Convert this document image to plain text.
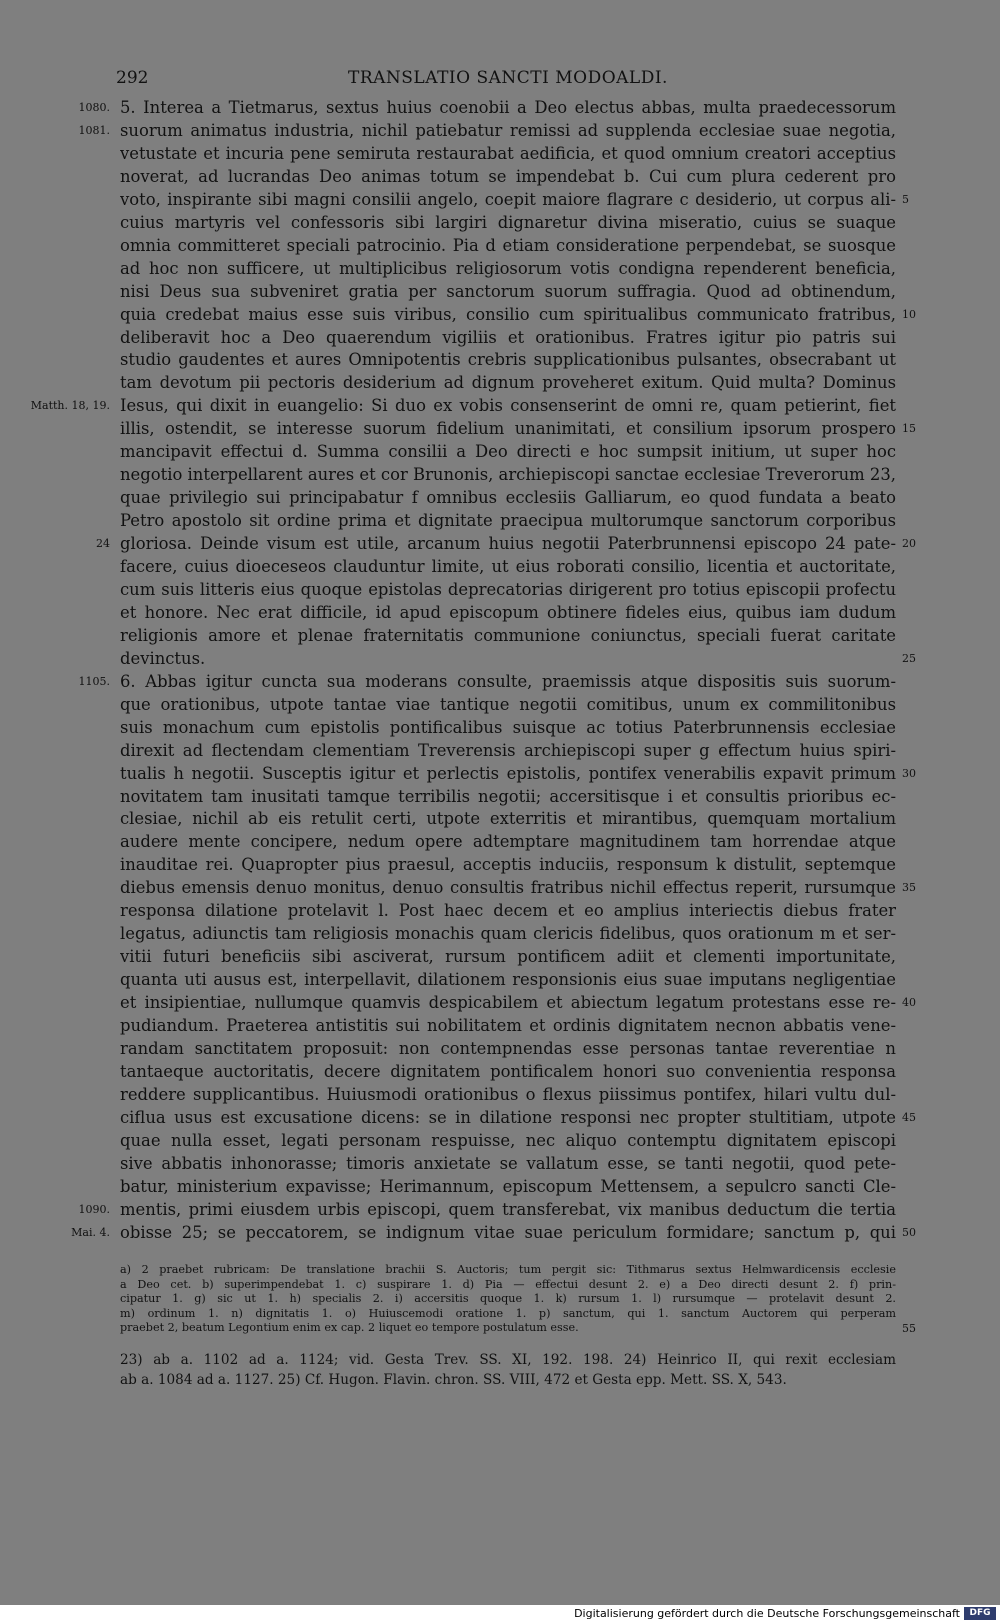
292	TRANSLATIO SANCTI MODOALDI.
5. Interea a Tietmarus, sextus huius coenobii a Deo electus abbas, multa praedecessorum
suorum animatus industria, nichil patiebatur remissi ad supplenda ecclesiae suae negotia,
vetustate et incuria pene semiruta restaurabat aedificia, et quod omnium creatori acceptius
noverat, ad lucrandas Deo animas totum se impendebat b. Cui cum plura cederent pro
voto, inspirante sibi magni consilii angelo, coepit maiore flagrare c desiderio, ut corpus ali-
cuius martyris vel confessoris sibi largiri dignaretur divina miseratio, cuius se suaque
omnia committeret speciali patrocinio. Pia d etiam consideratione perpendebat, se suosque
ad hoc non sufficere, ut multiplicibus religiosorum votis condigna rependerent beneficia,
nisi Deus sua subveniret gratia per sanctorum suorum suffragia. Quod ad obtinendum,
quia credebat maius esse suis viribus, consilio cum spiritualibus communicato fratribus,
deliberavit hoc a Deo quaerendum vigiliis et orationibus. Fratres igitur pio patris sui
studio gaudentes et aures Omnipotentis crebris supplicationibus pulsantes, obsecrabant ut
tam devotum pii pectoris desiderium ad dignum proveheret exitum. Quid multa? Dominus
Iesus, qui dixit in euangelio: Si duo ex vobis consenserint de omni re, quam petierint, fiet
illis, ostendit, se interesse suorum fidelium unanimitati, et consilium ipsorum prospero
mancipavit effectui d. Summa consilii a Deo directi e hoc sumpsit initium, ut super hoc
negotio interpellarent aures et cor Brunonis, archiepiscopi sanctae ecclesiae Treverorum 23,
quae privilegio sui principabatur f omnibus ecclesiis Galliarum, eo quod fundata a beato
Petro apostolo sit ordine prima et dignitate praecipua multorumque sanctorum corporibus
gloriosa. Deinde visum est utile, arcanum huius negotii Paterbrunnensi episcopo 24 pate-
facere, cuius dioeceseos clauduntur limite, ut eius roborati consilio, licentia et auctoritate,
cum suis litteris eius quoque epistolas deprecatorias dirigerent pro totius episcopii profectu
et honore. Nec erat difficile, id apud episcopum obtinere fideles eius, quibus iam dudum
religionis amore et plenae fraternitatis communione coniunctus, speciali fuerat caritate
devinctus.
6. Abbas igitur cuncta sua moderans consulte, praemissis atque dispositis suis suorum-
que orationibus, utpote tantae viae tantique negotii comitibus, unum ex commilitonibus
suis monachum cum epistolis pontificalibus suisque ac totius Paterbrunnensis ecclesiae
direxit ad flectendam clementiam Treverensis archiepiscopi super g effectum huius spiri-
tualis h negotii. Susceptis igitur et perlectis epistolis, pontifex venerabilis expavit primum
novitatem tam inusitati tamque terribilis negotii; accersitisque i et consultis prioribus ec-
clesiae, nichil ab eis retulit certi, utpote exterritis et mirantibus, quemquam mortalium
audere mente concipere, nedum opere adtemptare magnitudinem tam horrendae atque
inauditae rei. Quapropter pius praesul, acceptis induciis, responsum k distulit, septemque
diebus emensis denuo monitus, denuo consultis fratribus nichil effectus reperit, rursumque
responsa dilatione protelavit l. Post haec decem et eo amplius interiectis diebus frater
legatus, adiunctis tam religiosis monachis quam clericis fidelibus, quos orationum m et ser-
vitii futuri beneficiis sibi asciverat, rursum pontificem adiit et clementi importunitate,
quanta uti ausus est, interpellavit, dilationem responsionis eius suae imputans negligentiae
et insipientiae, nullumque quamvis despicabilem et abiectum legatum protestans esse re-
pudiandum. Praeterea antistitis sui nobilitatem et ordinis dignitatem necnon abbatis vene-
randam sanctitatem proposuit: non contempnendas esse personas tantae reverentiae n
tantaeque auctoritatis, decere dignitatem pontificalem honori suo convenientia responsa
reddere supplicantibus. Huiusmodi orationibus o flexus piissimus pontifex, hilari vultu dul-
ciflua usus est excusatione dicens: se in dilatione responsi nec propter stultitiam, utpote
quae nulla esset, legati personam respuisse, nec aliquo contemptu dignitatem episcopi
sive abbatis inhonorasse; timoris anxietate se vallatum esse, se tanti negotii, quod pete-
batur, ministerium expavisse; Herimannum, episcopum Mettensem, a sepulcro sancti Cle-
mentis, primi eiusdem urbis episcopi, quem transferebat, vix manibus deductum die tertia
obisse 25; se peccatorem, se indignum vitae suae periculum formidare; sanctum p, qui
1080.
1081.
Matth. 18, 19.
24
1105.
1090.
Mai. 4.
5
10
15
20
25
30
35
40
45
50
a) 2 praebet rubricam: De translatione brachii S. Auctoris; tum pergit sic: Tithmarus sextus Helmwardicensis ecclesie
a Deo cet. b) superimpendebat 1. c) suspirare 1. d) Pia — effectui desunt 2. e) a Deo directi desunt 2. f) prin-
cipatur 1. g) sic ut 1. h) specialis 2. i) accersitis quoque 1. k) rursum 1. l) rursumque — protelavit desunt 2.
m) ordinum 1. n) dignitatis 1. o) Huiuscemodi oratione 1. p) sanctum, qui 1. sanctum Auctorem qui perperam
praebet 2, beatum Legontium enim ex cap. 2 liquet eo tempore postulatum esse.	55
23) ab a. 1102 ad a. 1124; vid. Gesta Trev. SS. XI, 192. 198. 24) Heinrico II, qui rexit ecclesiam
ab a. 1084 ad a. 1127. 25) Cf. Hugon. Flavin. chron. SS. VIII, 472 et Gesta epp. Mett. SS. X, 543.
Digitalisierung gefördert durch die Deutsche Forschungsgemeinschaft	DFG
